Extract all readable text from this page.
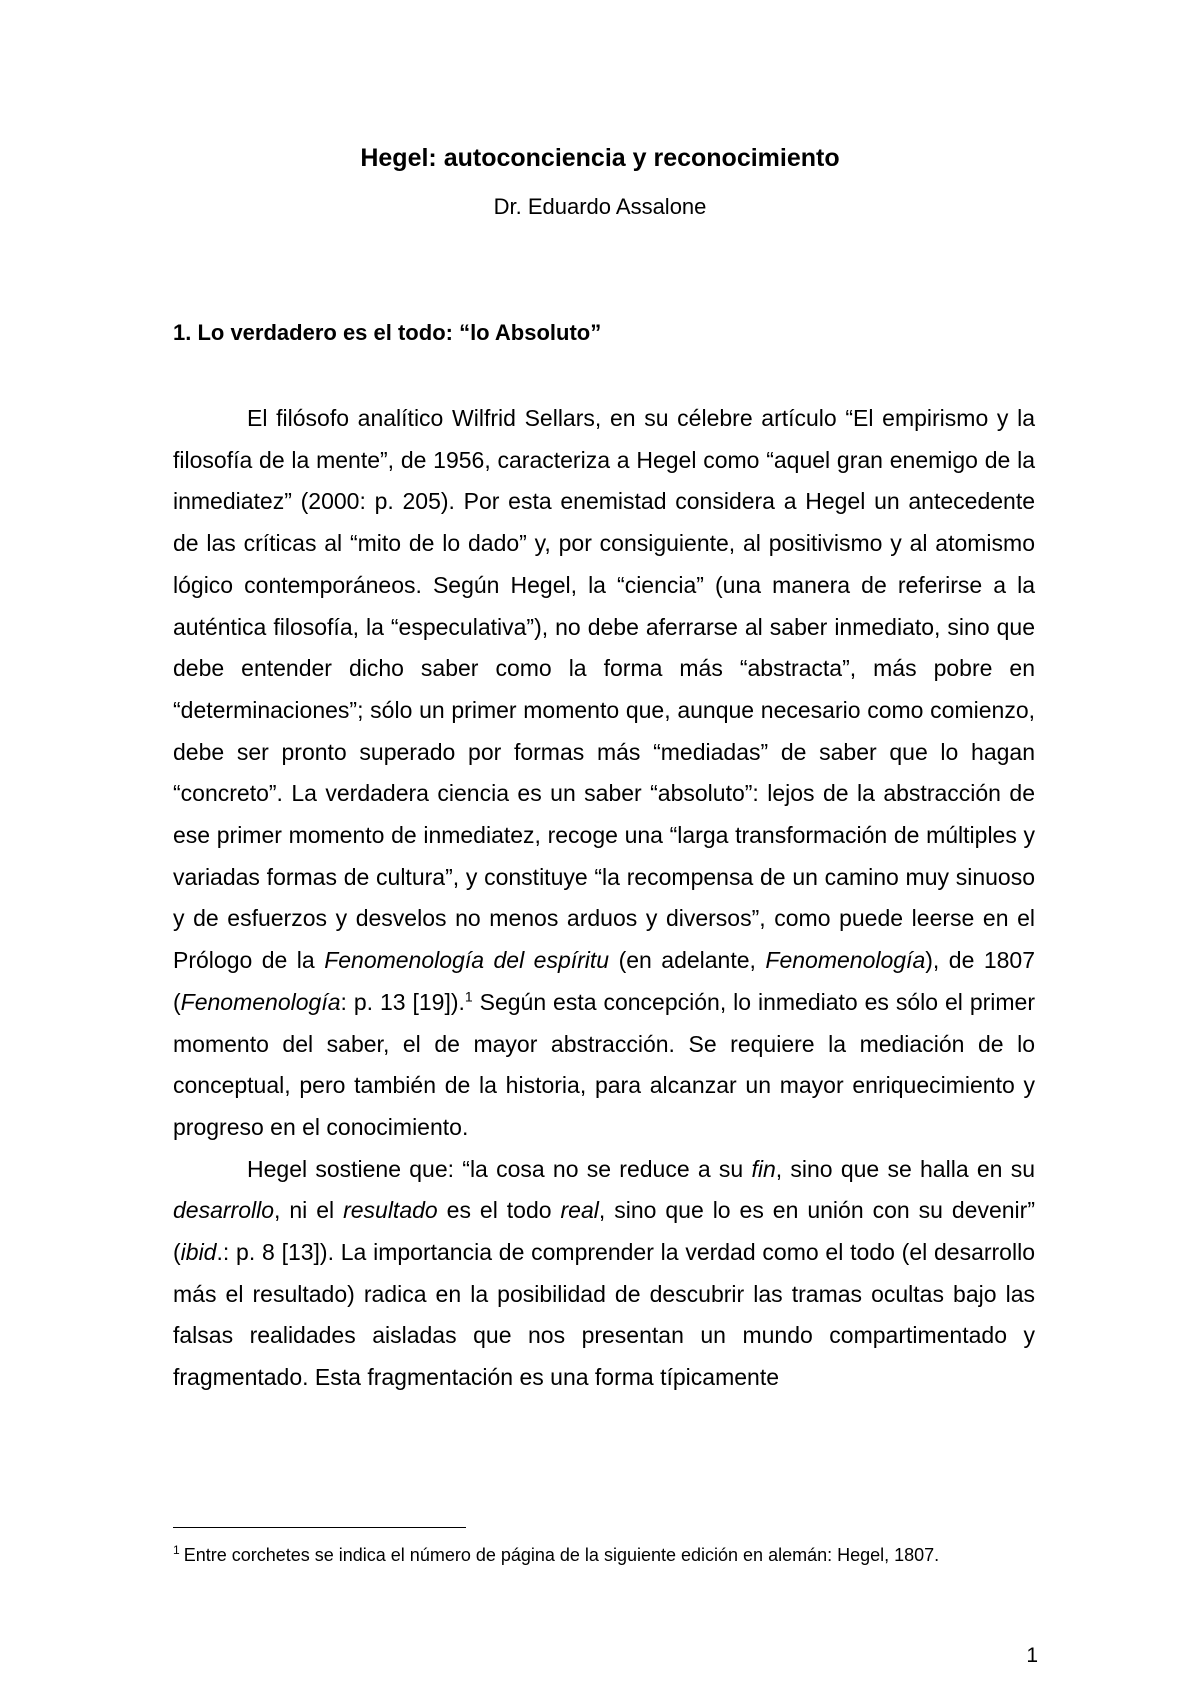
Hegel: autoconciencia y reconocimiento
Dr. Eduardo Assalone
1. Lo verdadero es el todo: “lo Absoluto”

El filósofo analítico Wilfrid Sellars, en su célebre artículo “El empirismo y la filosofía de la mente”, de 1956, caracteriza a Hegel como “aquel gran enemigo de la inmediatez” (2000: p. 205). Por esta enemistad considera a Hegel un antecedente de las críticas al “mito de lo dado” y, por consiguiente, al positivismo y al atomismo lógico contemporáneos. Según Hegel, la “ciencia” (una manera de referirse a la auténtica filosofía, la “especulativa”), no debe aferrarse al saber inmediato, sino que debe entender dicho saber como la forma más “abstracta”, más pobre en “determinaciones”; sólo un primer momento que, aunque necesario como comienzo, debe ser pronto superado por formas más “mediadas” de saber que lo hagan “concreto”. La verdadera ciencia es un saber “absoluto”: lejos de la abstracción de ese primer momento de inmediatez, recoge una “larga transformación de múltiples y variadas formas de cultura”, y constituye “la recompensa de un camino muy sinuoso y de esfuerzos y desvelos no menos arduos y diversos”, como puede leerse en el Prólogo de la Fenomenología del espíritu (en adelante, Fenomenología), de 1807 (Fenomenología: p. 13 [19]).$^1$ Según esta concepción, lo inmediato es sólo el primer momento del saber, el de mayor abstracción. Se requiere la mediación de lo conceptual, pero también de la historia, para alcanzar un mayor enriquecimiento y progreso en el conocimiento.

Hegel sostiene que: “la cosa no se reduce a su fin, sino que se halla en su desarrollo, ni el resultado es el todo real, sino que lo es en unión con su devenir” (ibid.: p. 8 [13]). La importancia de comprender la verdad como el todo (el desarrollo más el resultado) radica en la posibilidad de descubrir las tramas ocultas bajo las falsas realidades aisladas que nos presentan un mundo compartimentado y fragmentado. Esta fragmentación es una forma típicamente

$^1$ Entre corchetes se indica el número de página de la siguiente edición en alemán: Hegel, 1807.
1
